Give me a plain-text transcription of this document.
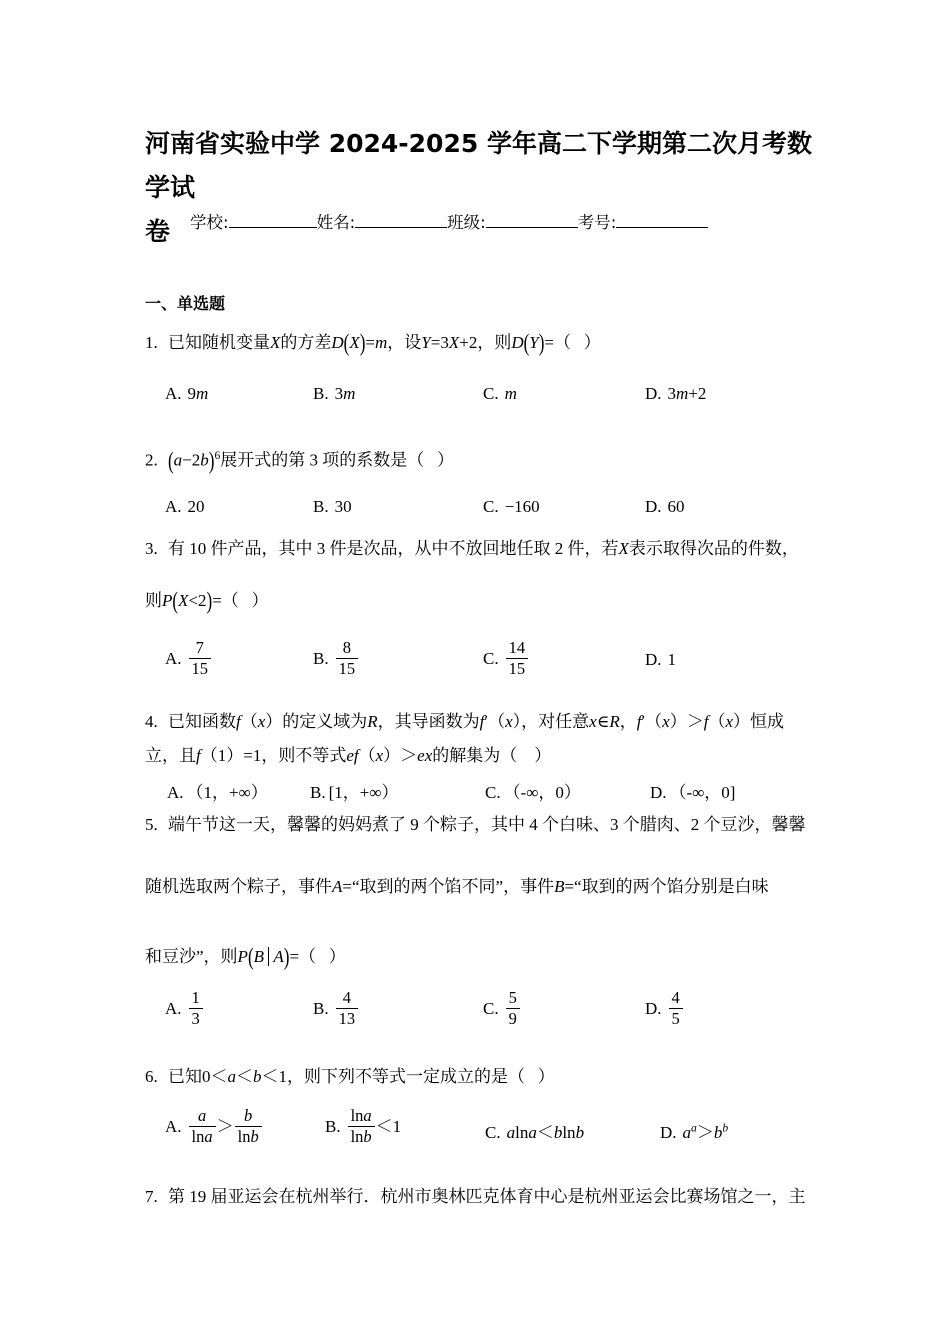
河南省实验中学 2024-2025 学年高二下学期第二次月考数学试
卷	学校:	姓名:	班级:	考号:
一、单选题
1. 已知随机变量X的方差D(X)=m，设Y=3X+2，则D(Y)=（   ）
A. 9m	B. 3m	C. m	D. 3m+2
2. $(a-2b)^6$展开式的第 3 项的系数是（   ）
A. 20	B. 30	C. −160	D. 60
3. 有 10 件产品，其中 3 件是次品，从中不放回地任取 2 件，若X表示取得次品的件数，
则P(X<2)=（   ）
A. $\frac{7}{15}$	B. $\frac{8}{15}$	C. $\frac{14}{15}$	D. 1
4. 已知函数f（x）的定义域为R，其导函数为f′（x），对任意x∈R，f′（x）＞f（x）恒成
立，且f（1）=1，则不等式ef（x）＞ex的解集为（    ）
A. （1，+∞） B. [1，+∞）	C. （-∞，0）	D. （-∞，0]
5. 端午节这一天，馨馨的妈妈煮了 9 个粽子，其中 4 个白味、3 个腊肉、2 个豆沙，馨馨
随机选取两个粽子，事件A=“取到的两个馅不同”，事件B=“取到的两个馅分别是白味
和豆沙”，则P(B A)=（   ）
A. $\frac{1}{3}$	B. $\frac{4}{13}$	C. $\frac{5}{9}$	D. $\frac{4}{5}$
6. 已知0＜a＜b＜1，则下列不等式一定成立的是（   ）
A. $\frac{a}{\ln a} > \frac{b}{\ln b}$	B. $\frac{\ln a}{\ln b} <1$	C. alna＜blnb	D. $a^a>b^b$
7. 第 19 届亚运会在杭州举行．杭州市奥林匹克体育中心是杭州亚运会比赛场馆之一，主
